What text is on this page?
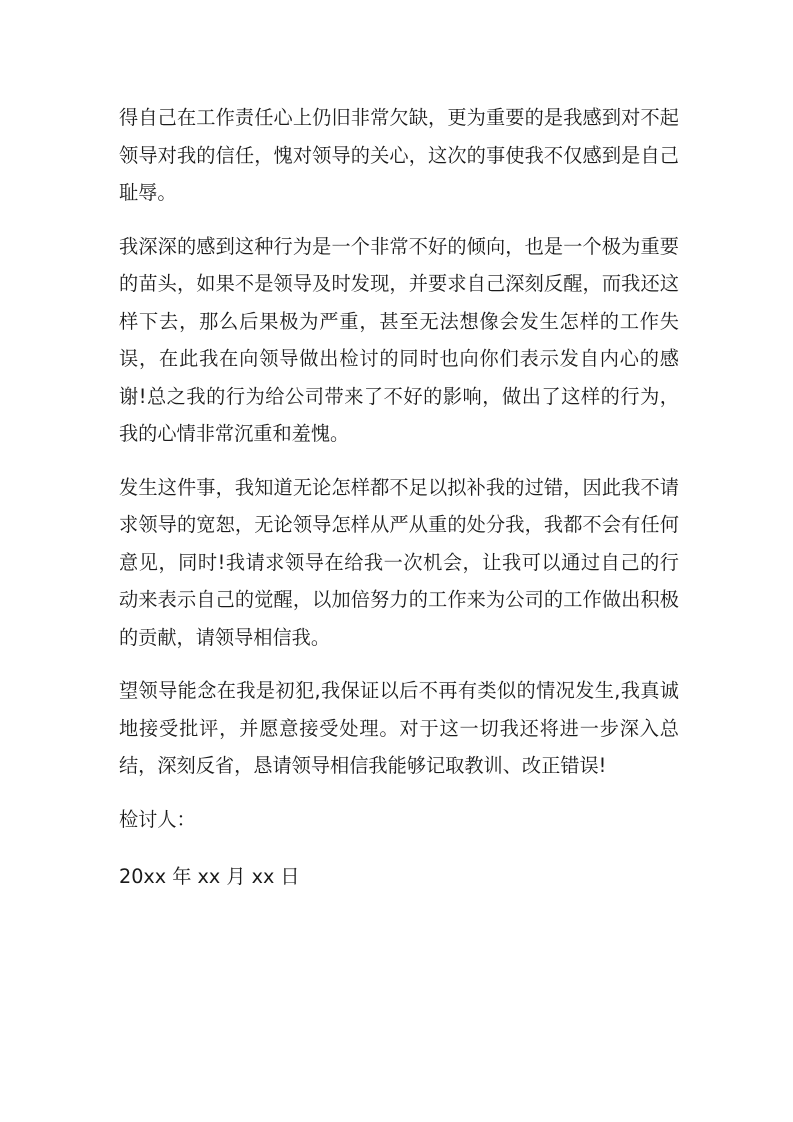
得自己在工作责任心上仍旧非常欠缺，更为重要的是我感到对不起领导对我的信任，愧对领导的关心，这次的事使我不仅感到是自己耻辱。

我深深的感到这种行为是一个非常不好的倾向，也是一个极为重要的苗头，如果不是领导及时发现，并要求自己深刻反醒，而我还这样下去，那么后果极为严重，甚至无法想像会发生怎样的工作失误，在此我在向领导做出检讨的同时也向你们表示发自内心的感谢!总之我的行为给公司带来了不好的影响，做出了这样的行为，我的心情非常沉重和羞愧。

发生这件事，我知道无论怎样都不足以拟补我的过错，因此我不请求领导的宽恕，无论领导怎样从严从重的处分我，我都不会有任何意见，同时!我请求领导在给我一次机会，让我可以通过自己的行动来表示自己的觉醒，以加倍努力的工作来为公司的工作做出积极的贡献，请领导相信我。

望领导能念在我是初犯,我保证以后不再有类似的情况发生,我真诚地接受批评，并愿意接受处理。对于这一切我还将进一步深入总结，深刻反省，恳请领导相信我能够记取教训、改正错误!

检讨人：

20xx 年 xx 月 xx 日
